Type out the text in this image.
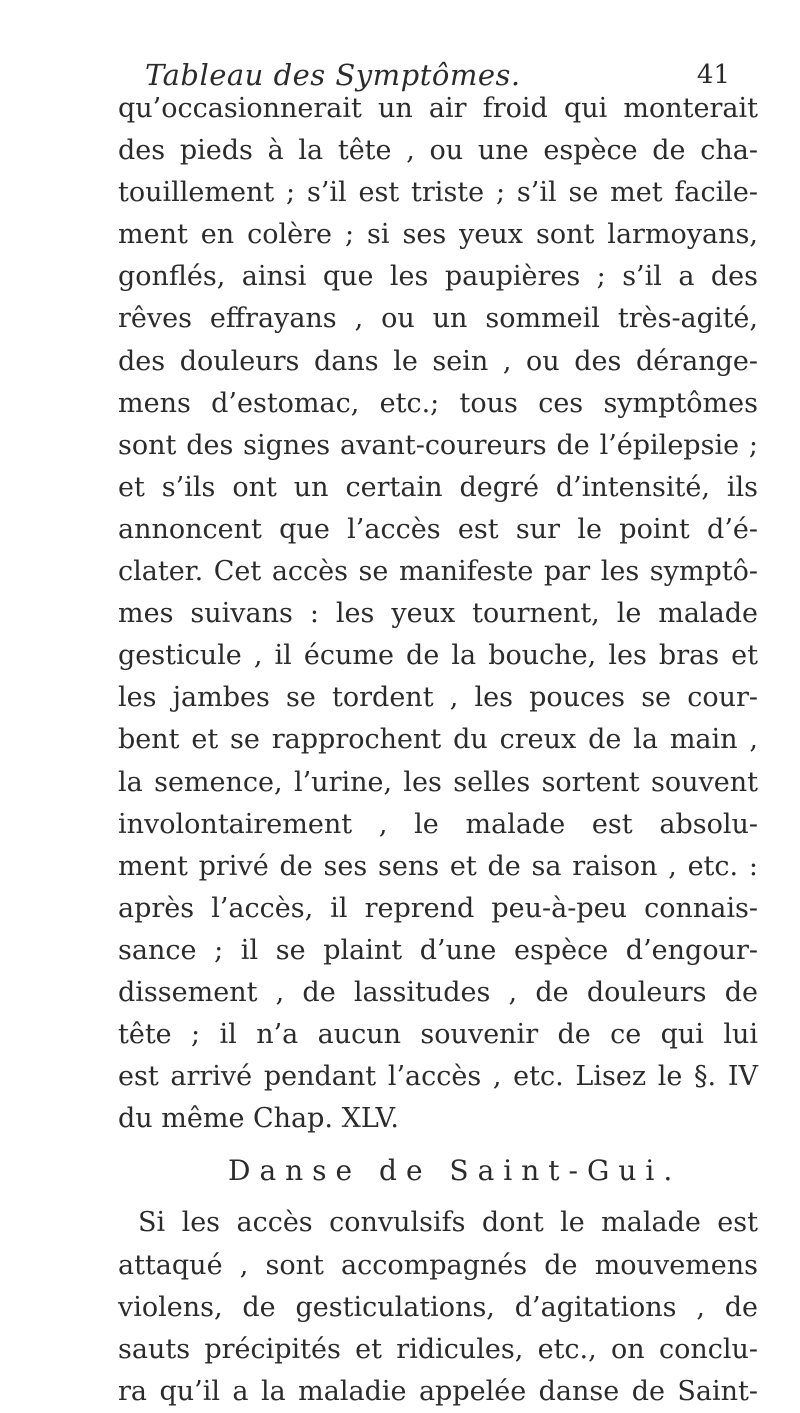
Tableau des Symptômes.	41
qu’occasionnerait un air froid qui monterait
des pieds à la tête , ou une espèce de cha-
touillement ; s’il est triste ; s’il se met facile-
ment en colère ; si ses yeux sont larmoyans,
gonflés, ainsi que les paupières ; s’il a des
rêves effrayans , ou un sommeil très-agité,
des douleurs dans le sein , ou des dérange-
mens d’estomac, etc.; tous ces symptômes
sont des signes avant-coureurs de l’épilepsie ;
et s’ils ont un certain degré d’intensité, ils
annoncent que l’accès est sur le point d’é-
clater. Cet accès se manifeste par les symptô-
mes suivans : les yeux tournent, le malade
gesticule , il écume de la bouche, les bras et
les jambes se tordent , les pouces se cour-
bent et se rapprochent du creux de la main ,
la semence, l’urine, les selles sortent souvent
involontairement , le malade est absolu-
ment privé de ses sens et de sa raison , etc. :
après l’accès, il reprend peu-à-peu connais-
sance ; il se plaint d’une espèce d’engour-
dissement , de lassitudes , de douleurs de
tête ; il n’a aucun souvenir de ce qui lui
est arrivé pendant l’accès , etc. Lisez le §. IV
du même Chap. XLV.
Danse de Saint-Gui.
Si les accès convulsifs dont le malade est
attaqué , sont accompagnés de mouvemens
violens, de gesticulations, d’agitations , de
sauts précipités et ridicules, etc., on conclu-
ra qu’il a la maladie appelée danse de Saint-
